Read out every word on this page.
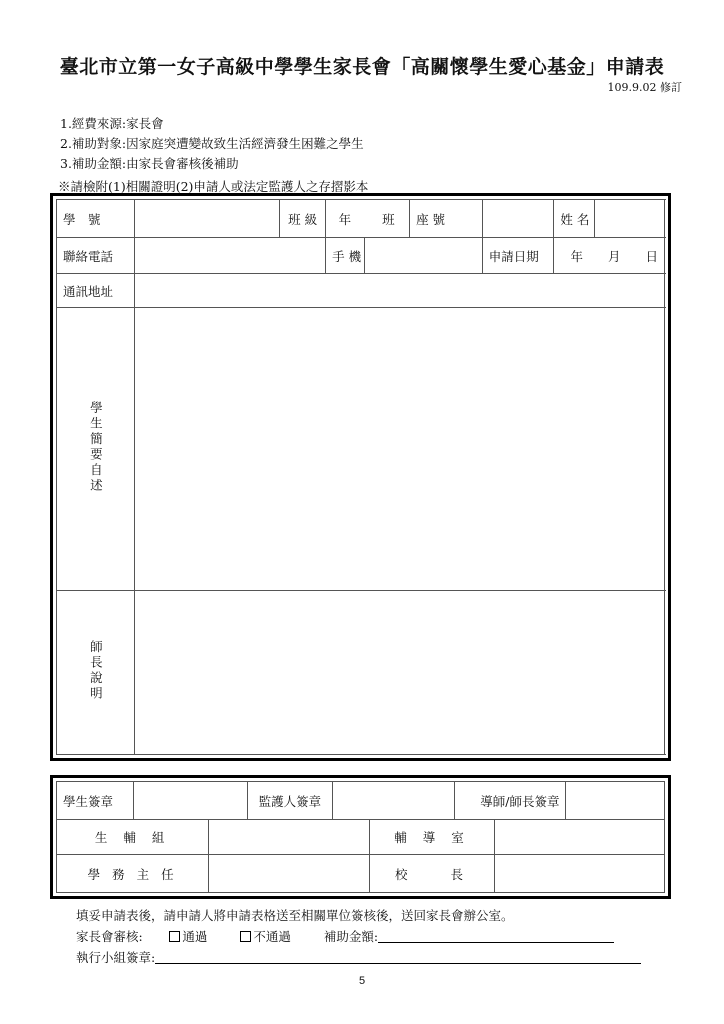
臺北市立第一女子高級中學學生家長會「高關懷學生愛心基金」申請表
109.9.02 修訂
1.經費來源:家長會
2.補助對象:因家庭突遭變故致生活經濟發生困難之學生
3.補助金額:由家長會審核後補助
※請檢附(1)相關證明(2)申請人或法定監護人之存摺影本
學　號		班 級	年   班		座 號		姓 名	
聯絡電話			手 機			申請日期	年   月   日	
通訊地址								
學生簡要自述								
師長說明								
學生簽章			監護人簽章			導師/師長簽章		
生 輔 組					輔 導 室			
學 務 主 任					校　　長			
填妥申請表後，請申請人將申請表格送至相關單位簽核後，送回家長會辦公室。
家長會審核:   	通過   	不通過   	補助金額:
執行小組簽章:
5
